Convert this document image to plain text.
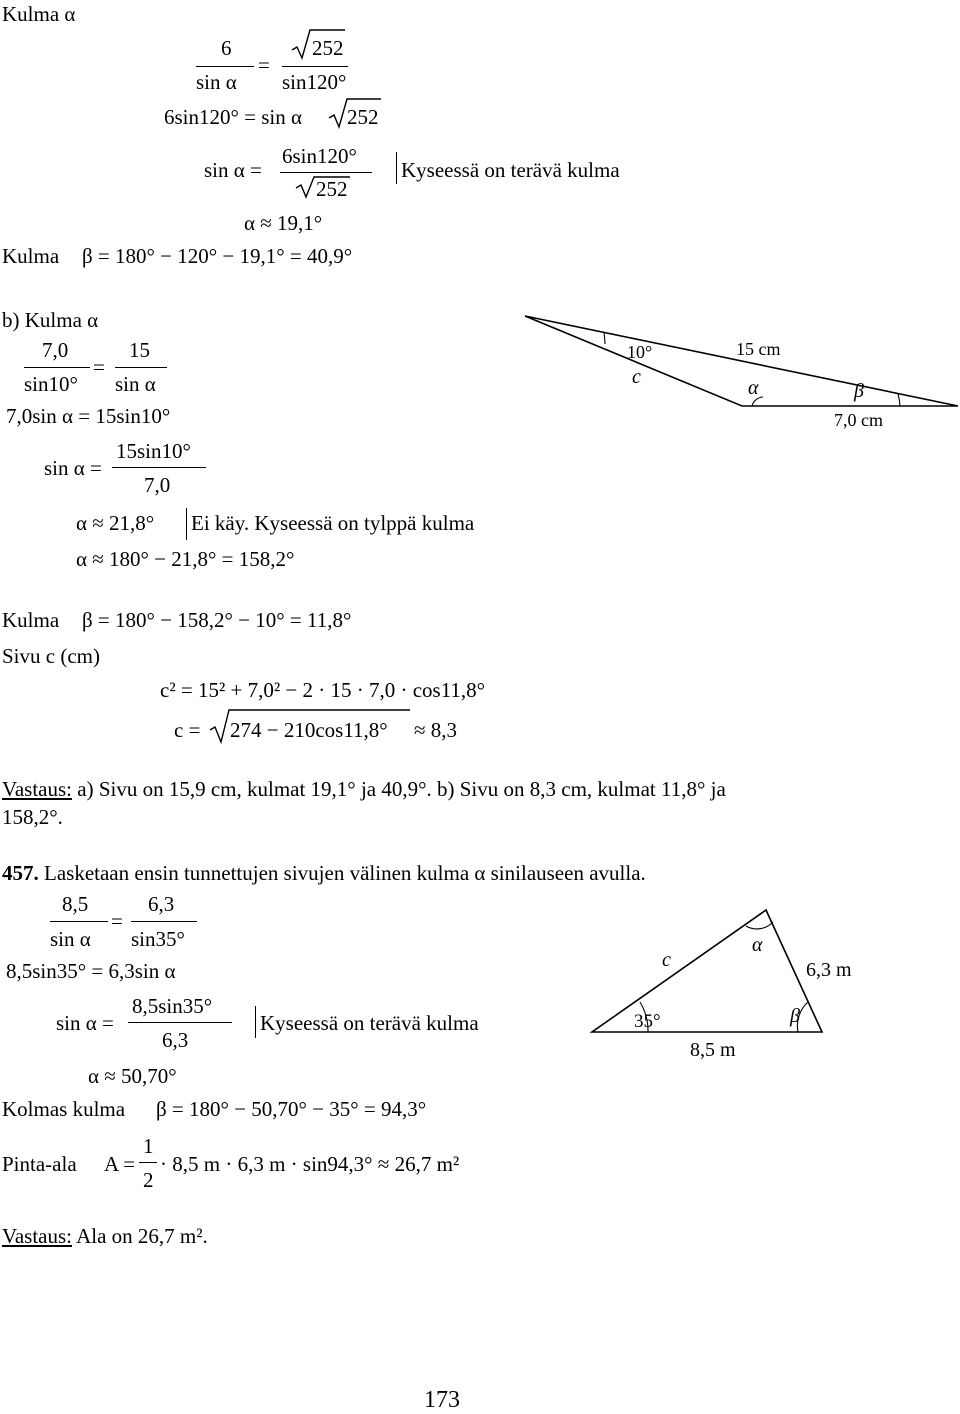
Kulma α
6
sin α
=
252
sin120°
6sin120° = sin α 252
sin α =
6sin120°
252
Kyseessä on terävä kulma
α ≈ 19,1°
Kulma β = 180° − 120° − 19,1° = 40,9°
b) Kulma α
7,0
sin10°
=
15
sin α
7,0sin α = 15sin10°
sin α =
15sin10°
7,0
α ≈ 21,8° Ei käy. Kyseessä on tylppä kulma
α ≈ 180° − 21,8° = 158,2°
Kulma β = 180° − 158,2° − 10° = 11,8°
Sivu c (cm)
c² = 15² + 7,0² − 2 · 15 · 7,0 · cos11,8°
c = 274 − 210cos11,8° ≈ 8,3
10°
c
15 cm
α	β
7,0 cm
Vastaus: a) Sivu on 15,9 cm, kulmat 19,1° ja 40,9°. b) Sivu on 8,3 cm, kulmat 11,8° ja
158,2°.
457. Lasketaan ensin tunnettujen sivujen välinen kulma α sinilauseen avulla.
8,5
sin α
=
6,3
sin35°
8,5sin35° = 6,3sin α
sin α =
8,5sin35°
6,3
Kyseessä on terävä kulma
α ≈ 50,70°
Kolmas kulma β = 180° − 50,70° − 35° = 94,3°
Pinta-ala A =
1
2
· 8,5 m · 6,3 m · sin94,3° ≈ 26,7 m²
c
α
6,3 m
35°	β
8,5 m
Vastaus: Ala on 26,7 m².
173
